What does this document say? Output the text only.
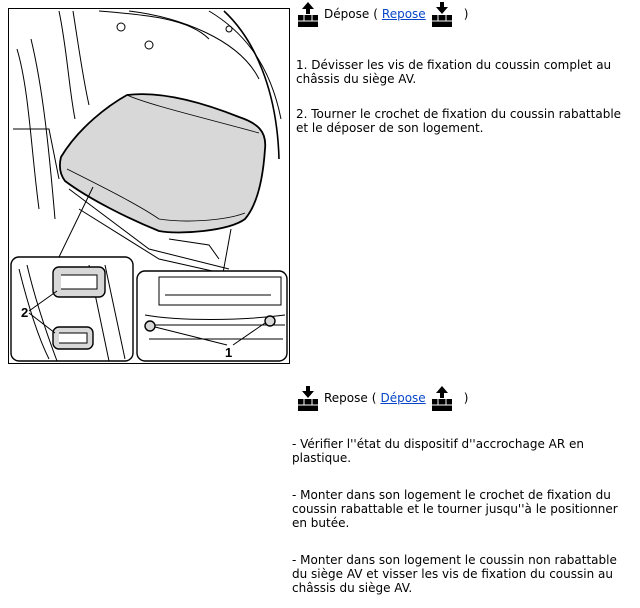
2
1
Dépose ( Repose	)

1. Dévisser les vis de fixation du coussin complet au châssis du siège AV.

2. Tourner le crochet de fixation du coussin rabattable et le déposer de son logement.

Repose ( Dépose	)

- Vérifier l''état du dispositif d''accrochage AR en plastique.

- Monter dans son logement le crochet de fixation du coussin rabattable et le tourner jusqu''à le positionner en butée.

- Monter dans son logement le coussin non rabattable du siège AV et visser les vis de fixation du coussin au châssis du siège AV.
